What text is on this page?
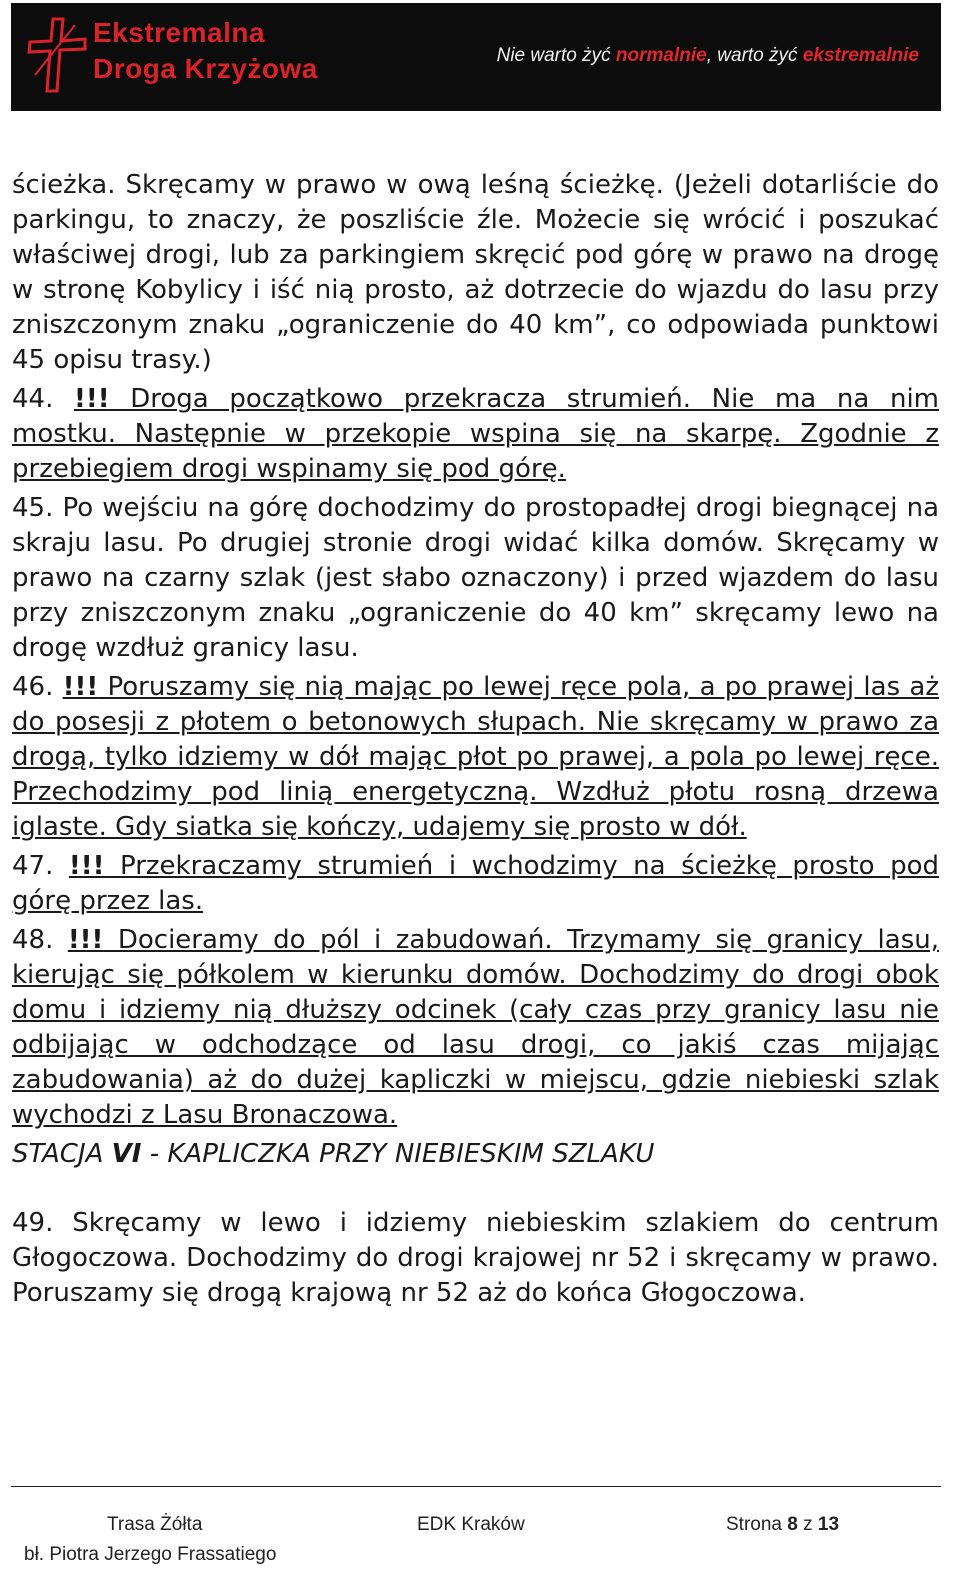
Ekstremalna
Droga Krzyżowa	Nie warto żyć normalnie, warto żyć ekstremalnie

ścieżka. Skręcamy w prawo w ową leśną ścieżkę. (Jeżeli dotarliście do parkingu, to znaczy, że poszliście źle. Możecie się wrócić i poszukać właściwej drogi, lub za parkingiem skręcić pod górę w prawo na drogę w stronę Kobylicy i iść nią prosto, aż dotrzecie do wjazdu do lasu przy zniszczonym znaku „ograniczenie do 40 km”, co odpowiada punktowi 45 opisu trasy.)

44. !!! Droga początkowo przekracza strumień. Nie ma na nim mostku. Następnie w przekopie wspina się na skarpę. Zgodnie z przebiegiem drogi wspinamy się pod górę.

45. Po wejściu na górę dochodzimy do prostopadłej drogi biegnącej na skraju lasu. Po drugiej stronie drogi widać kilka domów. Skręcamy w prawo na czarny szlak (jest słabo oznaczony) i przed wjazdem do lasu przy zniszczonym znaku „ograniczenie do 40 km” skręcamy lewo na drogę wzdłuż granicy lasu.

46. !!! Poruszamy się nią mając po lewej ręce pola, a po prawej las aż do posesji z płotem o betonowych słupach. Nie skręcamy w prawo za drogą, tylko idziemy w dół mając płot po prawej, a pola po lewej ręce. Przechodzimy pod linią energetyczną. Wzdłuż płotu rosną drzewa iglaste. Gdy siatka się kończy, udajemy się prosto w dół.

47. !!! Przekraczamy strumień i wchodzimy na ścieżkę prosto pod górę przez las.

48. !!! Docieramy do pól i zabudowań. Trzymamy się granicy lasu, kierując się półkolem w kierunku domów. Dochodzimy do drogi obok domu i idziemy nią dłuższy odcinek (cały czas przy granicy lasu nie odbijając w odchodzące od lasu drogi, co jakiś czas mijając zabudowania) aż do dużej kapliczki w miejscu, gdzie niebieski szlak wychodzi z Lasu Bronaczowa.

STACJA VI - KAPLICZKA PRZY NIEBIESKIM SZLAKU

49. Skręcamy w lewo i idziemy niebieskim szlakiem do centrum Głogoczowa. Dochodzimy do drogi krajowej nr 52 i skręcamy w prawo. Poruszamy się drogą krajową nr 52 aż do końca Głogoczowa.

Trasa Żółta	EDK Kraków	Strona 8 z 13
bł. Piotra Jerzego Frassatiego
